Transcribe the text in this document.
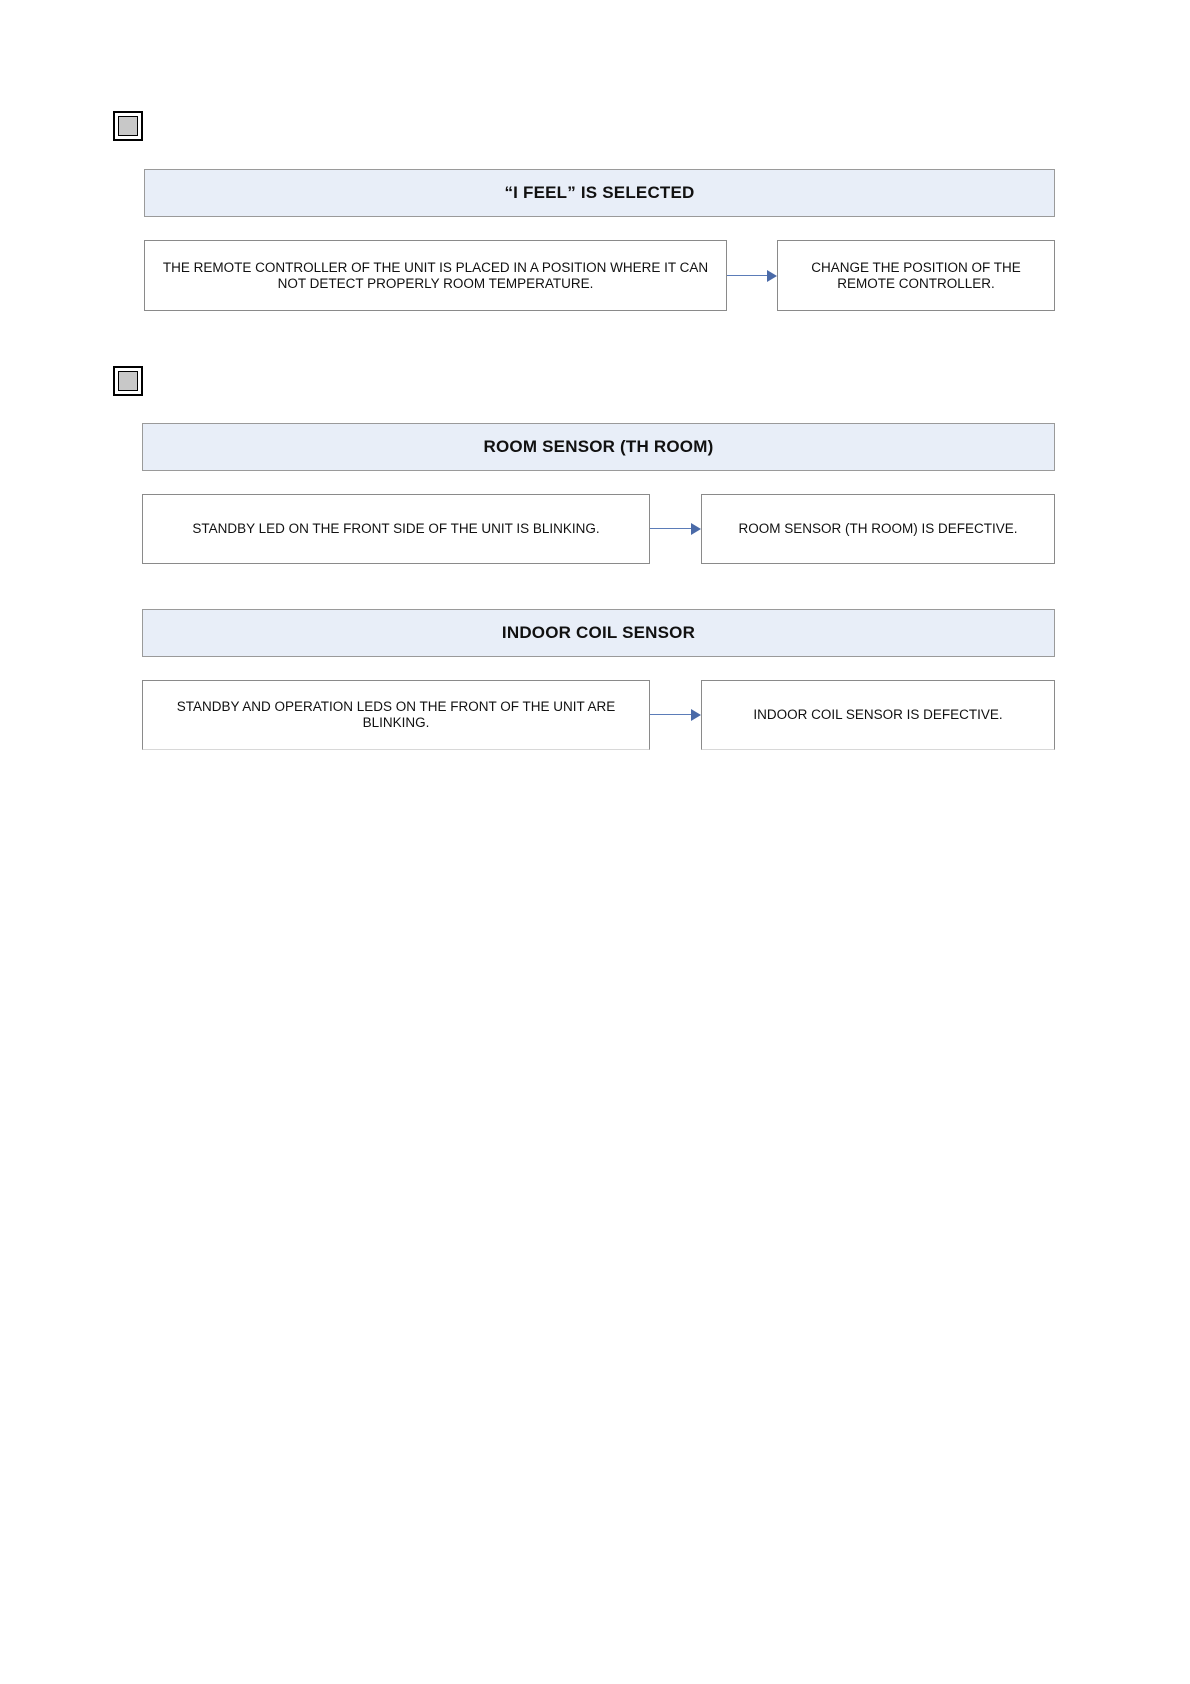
“I FEEL” IS SELECTED
THE REMOTE CONTROLLER OF THE UNIT IS PLACED IN A POSITION WHERE IT CAN NOT DETECT PROPERLY ROOM TEMPERATURE.
CHANGE THE POSITION OF THE REMOTE CONTROLLER.
ROOM SENSOR (TH ROOM)
STANDBY LED ON THE FRONT SIDE OF THE UNIT IS BLINKING.	ROOM SENSOR (TH ROOM) IS DEFECTIVE.
INDOOR COIL SENSOR
STANDBY AND OPERATION LEDS ON THE FRONT OF THE UNIT ARE BLINKING.
INDOOR COIL SENSOR IS DEFECTIVE.
